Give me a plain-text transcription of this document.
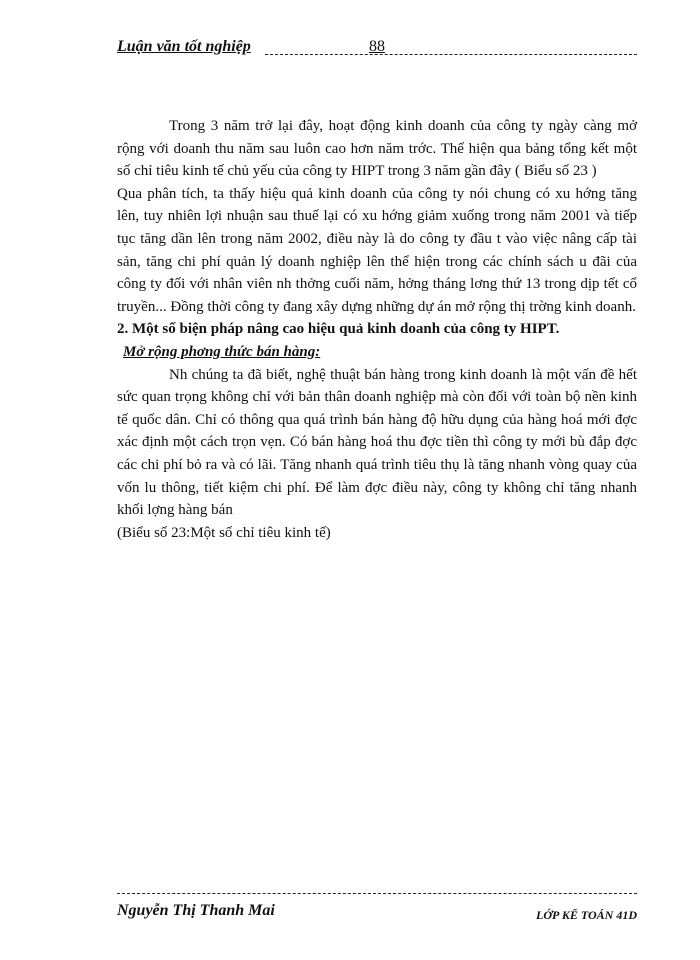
Luận văn tốt nghiệp	88

Trong 3 năm trở lại đây, hoạt động kinh doanh của công ty ngày càng mở rộng với doanh thu năm sau luôn cao hơn năm trớc. Thể hiện qua bảng tổng kết một số chỉ tiêu kinh tế chủ yếu của công ty HIPT trong 3 năm gần đây ( Biểu số 23 )

Qua phân tích, ta thấy hiệu quả kinh doanh của công ty nói chung có xu hớng tăng lên, tuy nhiên lợi nhuận sau thuế lại có xu hớng giảm xuống trong năm 2001 và tiếp tục tăng dần lên trong năm 2002, điều này là do công ty đầu t vào việc nâng cấp tài sản, tăng chi phí quản lý doanh nghiệp lên thể hiện trong các chính sách u đãi của công ty đối với nhân viên nh thởng cuối năm, hởng tháng lơng thứ 13 trong dịp tết cổ truyền... Đồng thời công ty đang xây dựng những dự án mở rộng thị trờng kinh doanh.

2. Một số biện pháp nâng cao hiệu quả kinh doanh của công ty HIPT.

Mở rộng phơng thức bán hàng:

Nh chúng ta đã biết, nghệ thuật bán hàng trong kinh doanh là một vấn đề hết sức quan trọng không chỉ với bản thân doanh nghiệp mà còn đối với toàn bộ nền kinh tế quốc dân. Chỉ có thông qua quá trình bán hàng độ hữu dụng của hàng hoá mới đợc xác định một cách trọn vẹn. Có bán hàng hoá thu đợc tiền thì công ty mới bù đắp đợc các chi phí bỏ ra và có lãi. Tăng nhanh quá trình tiêu thụ là tăng nhanh vòng quay của vốn lu thông, tiết kiệm chi phí. Để làm đợc điều này, công ty không chỉ tăng nhanh khối lợng hàng bán

(Biểu số 23:Một số chỉ tiêu kinh tế)

Nguyễn Thị Thanh Mai	LỚP KẾ TOÁN 41D
